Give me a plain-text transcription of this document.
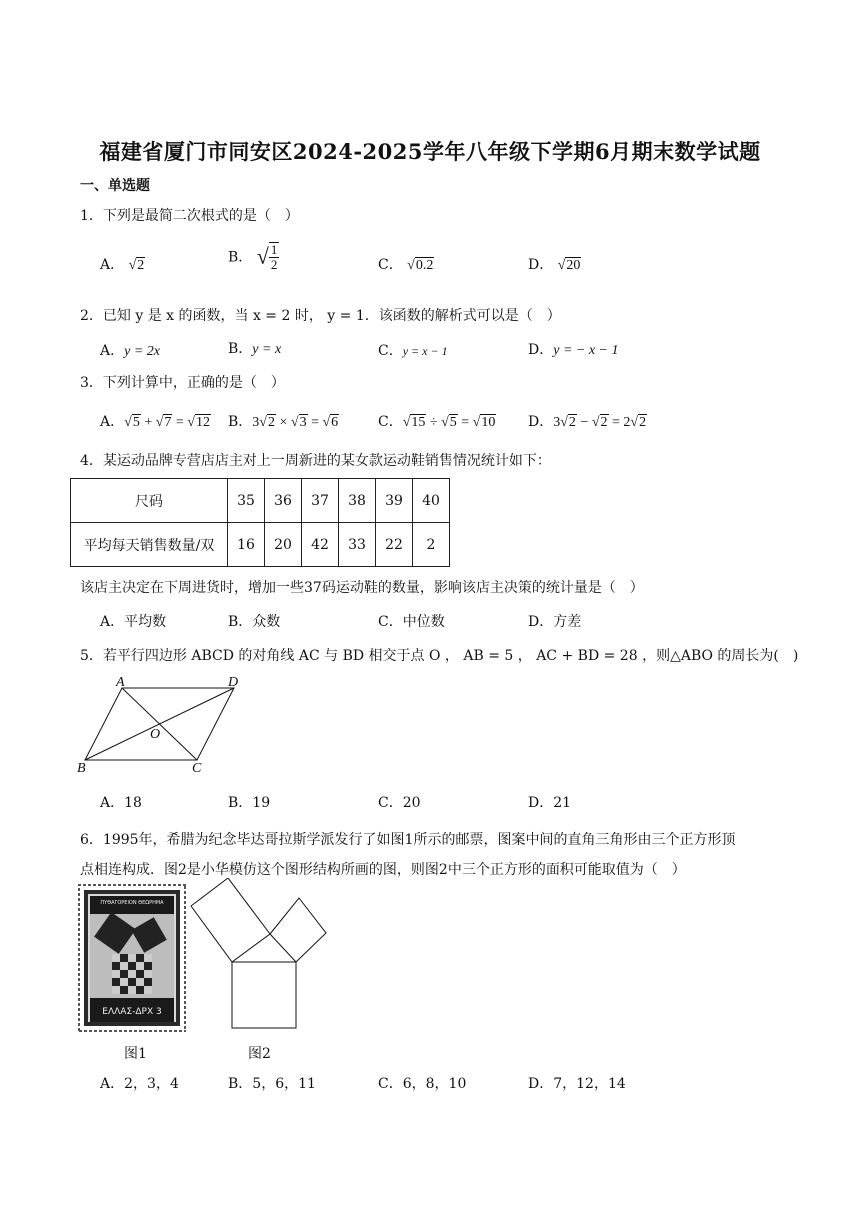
福建省厦门市同安区2024-2025学年八年级下学期6月期末数学试题
一、单选题
1．下列是最简二次根式的是（　）
A． √2	B． √ $\frac{1}{2}$	C． √0.2	D． √20
2．已知 y 是 x 的函数，当 x = 2 时， y = 1．该函数的解析式可以是（　）
A．y = 2x	B．y = x	C．y = x − 1	D．y = − x − 1
3．下列计算中，正确的是（　）
A．√5 + √7 = √12 B．3√2 × √3 = √6	C．√15 ÷ √5 = √10 D．3√2 − √2 = 2√2
4．某运动品牌专营店店主对上一周新进的某女款运动鞋销售情况统计如下：
尺码	35	36	37	38	39	40
平均每天销售数量/双	16	20	42	33	22	2
该店主决定在下周进货时，增加一些37码运动鞋的数量，影响该店主决策的统计量是（　）
A．平均数	B．众数	C．中位数	D．方差
5．若平行四边形 ABCD 的对角线 AC 与 BD 相交于点 O ， AB = 5 ， AC + BD = 28 ，则△ABO 的周长为(　)
A	D
B	C
O
A．18	B．19	C．20	D．21
6．1995年，希腊为纪念毕达哥拉斯学派发行了如图1所示的邮票，图案中间的直角三角形由三个正方形顶
点相连构成．图2是小华模仿这个图形结构所画的图，则图2中三个正方形的面积可能取值为（　）
ΠΥΘΑΓΟΡΕΙΟΝ ΘΕΩΡΗΜΑ
ΕΛΛΑΣ-ΔΡΧ 3
图1	图2
A．2，3，4	B．5，6，11	C．6，8，10	D．7，12，14
